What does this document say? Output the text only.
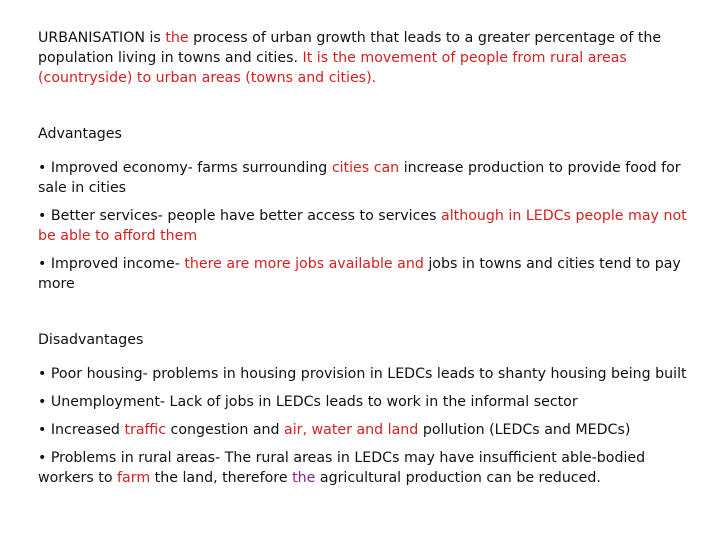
URBANISATION is the process of urban growth that leads to a greater percentage of the population living in towns and cities. It is the movement of people from rural areas (countryside) to urban areas (towns and cities).

Advantages

• Improved economy- farms surrounding cities can increase production to provide food for sale in cities

• Better services- people have better access to services although in LEDCs people may not be able to afford them

• Improved income- there are more jobs available and jobs in towns and cities tend to pay more

Disadvantages

• Poor housing- problems in housing provision in LEDCs leads to shanty housing being built

• Unemployment- Lack of jobs in LEDCs leads to work in the informal sector

• Increased traffic congestion and air, water and land pollution (LEDCs and MEDCs)

• Problems in rural areas- The rural areas in LEDCs may have insufficient able-bodied workers to farm the land, therefore the agricultural production can be reduced.
